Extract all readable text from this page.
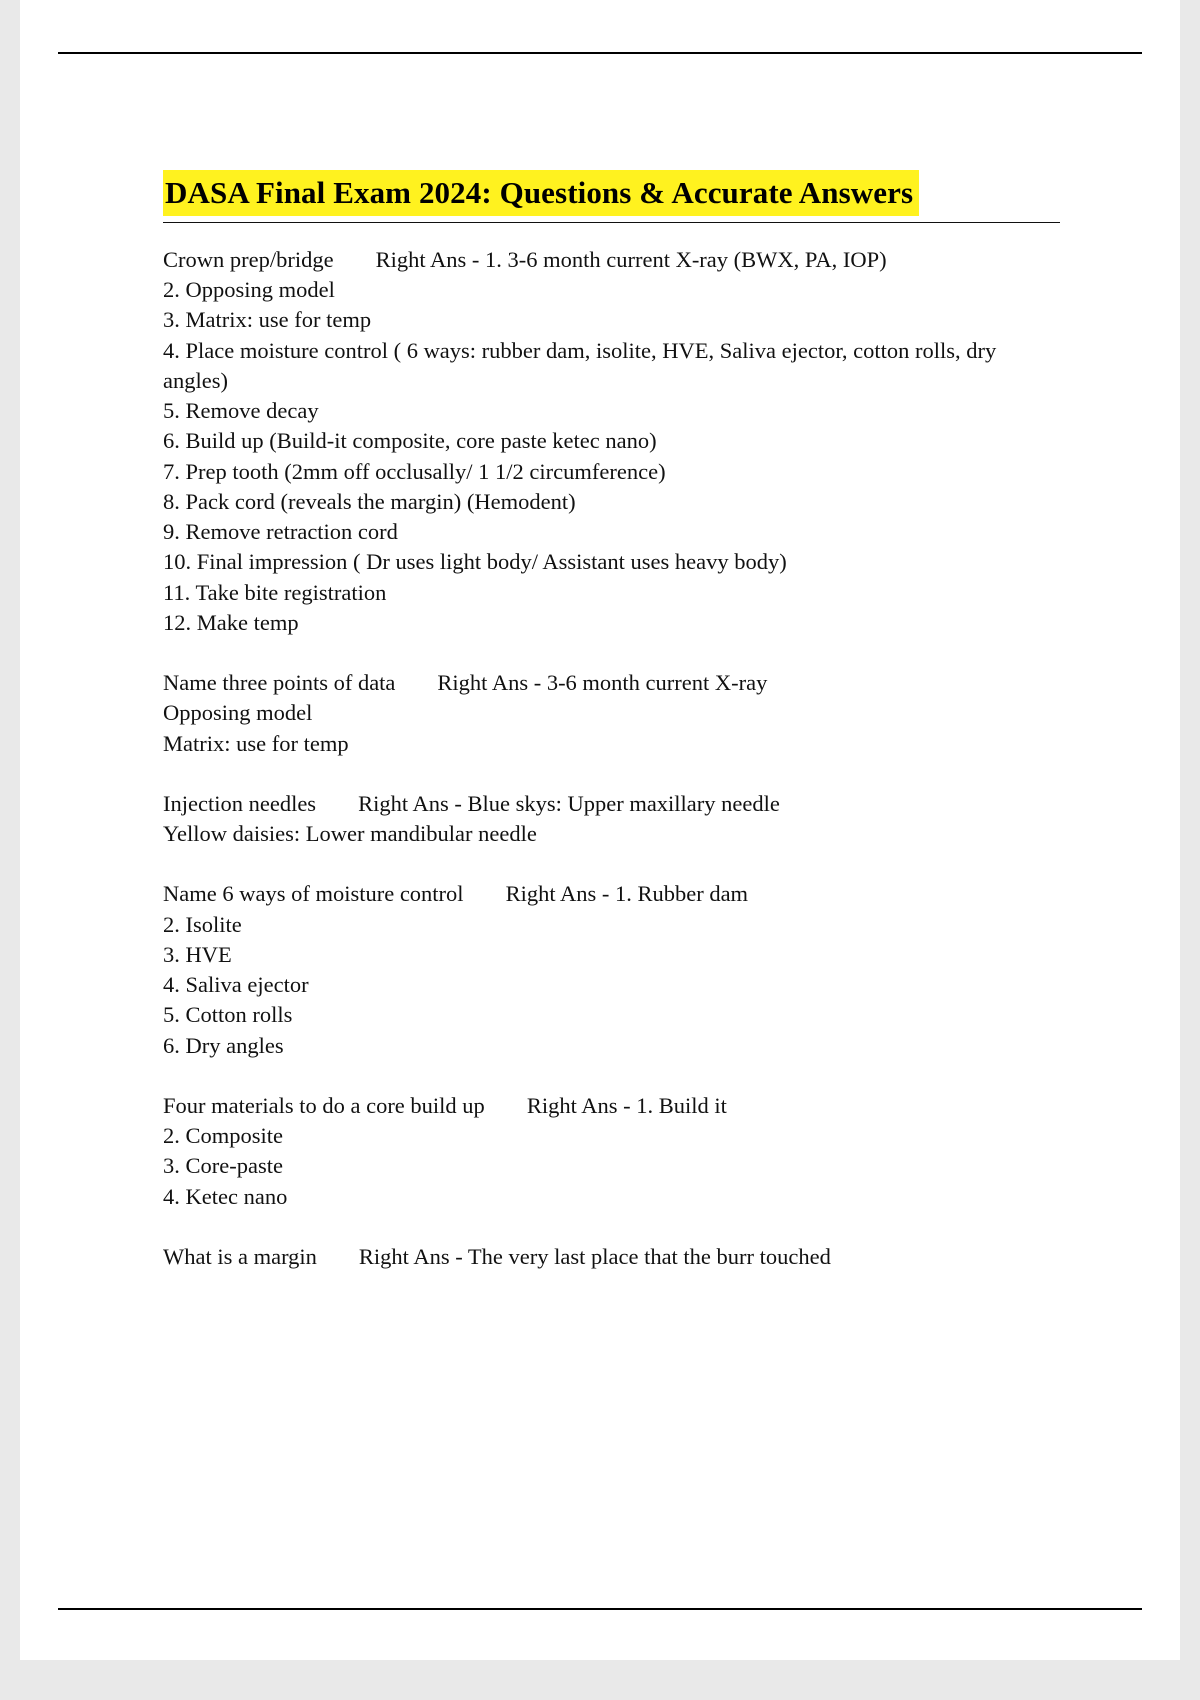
DASA Final Exam 2024: Questions & Accurate Answers
Crown prep/bridge Right Ans - 1. 3-6 month current X-ray (BWX, PA, IOP)
2. Opposing model
3. Matrix: use for temp
4. Place moisture control ( 6 ways: rubber dam, isolite, HVE, Saliva ejector, cotton rolls, dry angles)
5. Remove decay
6. Build up (Build-it composite, core paste ketec nano)
7. Prep tooth (2mm off occlusally/ 1 1/2 circumference)
8. Pack cord (reveals the margin) (Hemodent)
9. Remove retraction cord
10. Final impression ( Dr uses light body/ Assistant uses heavy body)
11. Take bite registration
12. Make temp
Name three points of data Right Ans - 3-6 month current X-ray
Opposing model
Matrix: use for temp
Injection needles Right Ans - Blue skys: Upper maxillary needle
Yellow daisies: Lower mandibular needle
Name 6 ways of moisture control Right Ans - 1. Rubber dam
2. Isolite
3. HVE
4. Saliva ejector
5. Cotton rolls
6. Dry angles
Four materials to do a core build up Right Ans - 1. Build it
2. Composite
3. Core-paste
4. Ketec nano
What is a margin Right Ans - The very last place that the burr touched
